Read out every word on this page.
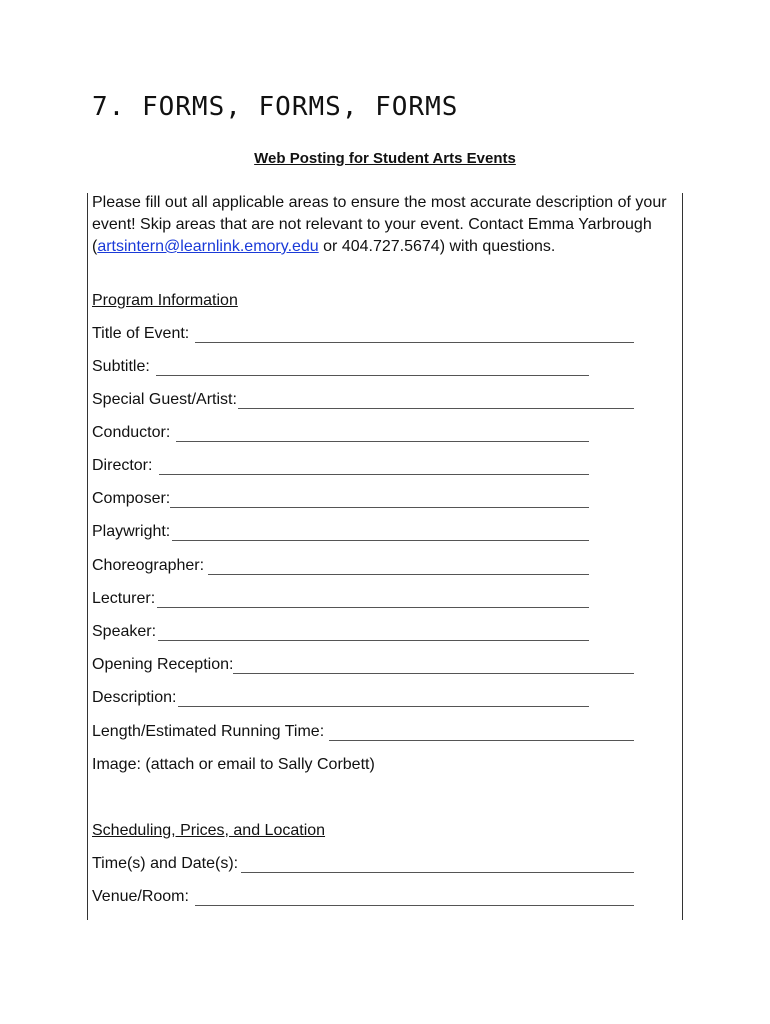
7. FORMS, FORMS, FORMS
Web Posting for Student Arts Events
Please fill out all applicable areas to ensure the most accurate description of your
event! Skip areas that are not relevant to your event. Contact Emma Yarbrough
(artsintern@learnlink.emory.edu or 404.727.5674) with questions.
Program Information
Title of Event:
Subtitle:
Special Guest/Artist:
Conductor:
Director:
Composer:
Playwright:
Choreographer:
Lecturer:
Speaker:
Opening Reception:
Description:
Length/Estimated Running Time:
Image: (attach or email to Sally Corbett)
Scheduling, Prices, and Location
Time(s) and Date(s):
Venue/Room:
